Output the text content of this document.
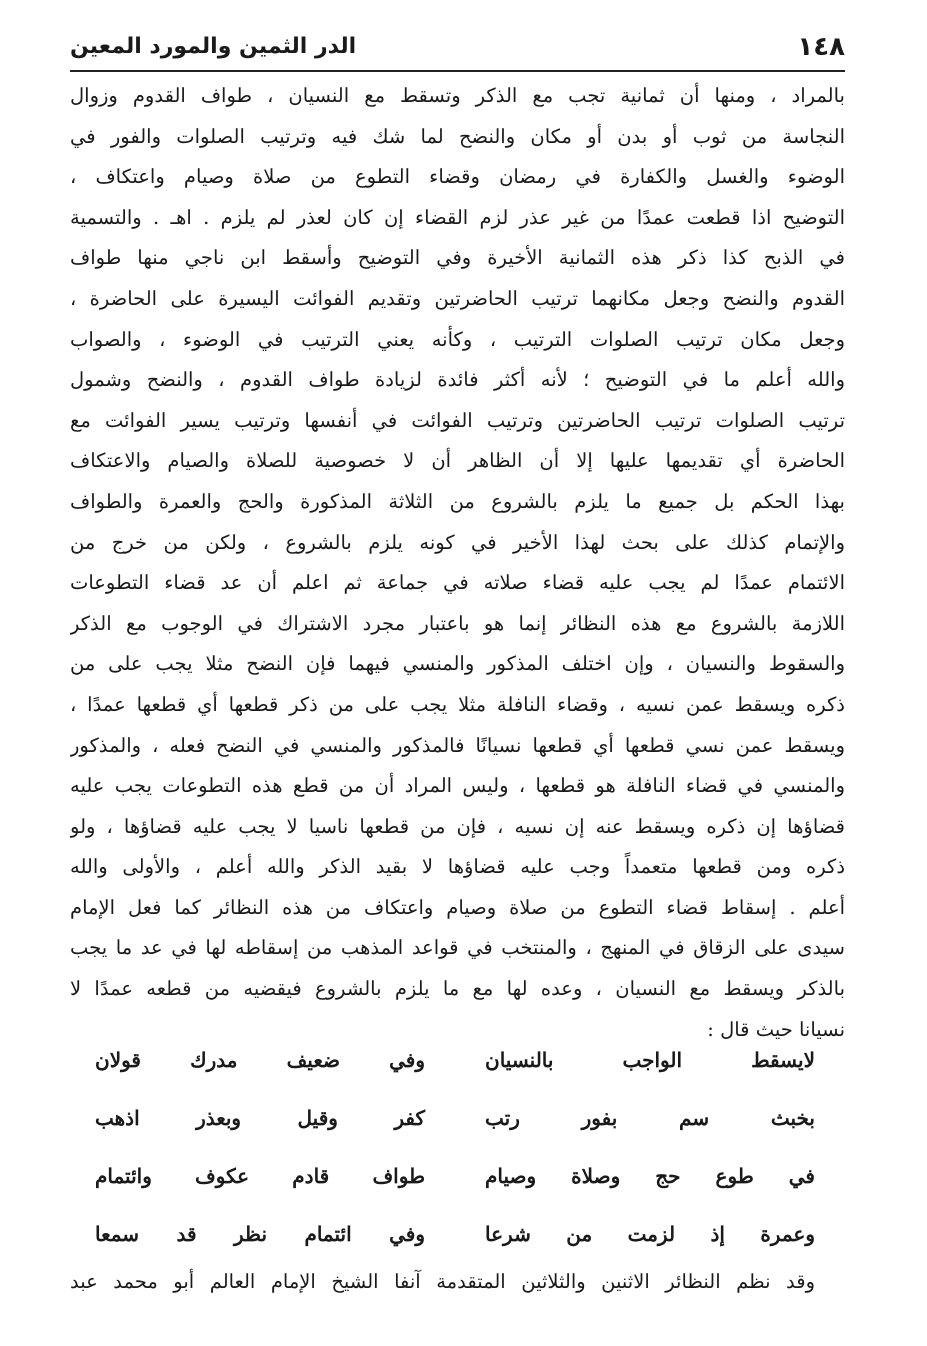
١٤٨
الدر الثمين والمورد المعين
بالمراد ، ومنها أن ثمانية تجب مع الذكر وتسقط مع النسيان ، طواف القدوم وزوال
النجاسة من ثوب أو بدن أو مكان والنضح لما شك فيه وترتيب الصلوات والفور في
الوضوء والغسل والكفارة في رمضان وقضاء التطوع من صلاة وصيام واعتكاف ،
التوضيح اذا قطعت عمدًا من غير عذر لزم القضاء إن كان لعذر لم يلزم . اهـ . والتسمية
في الذبح كذا ذكر هذه الثمانية الأخيرة وفي التوضيح وأسقط ابن ناجي منها طواف
القدوم والنضح وجعل مكانهما ترتيب الحاضرتين وتقديم الفوائت اليسيرة على الحاضرة ،
وجعل مكان ترتيب الصلوات الترتيب ، وكأنه يعني الترتيب في الوضوء ، والصواب
والله أعلم ما في التوضيح ؛ لأنه أكثر فائدة لزيادة طواف القدوم ، والنضح وشمول
ترتيب الصلوات ترتيب الحاضرتين وترتيب الفوائت في أنفسها وترتيب يسير الفوائت مع
الحاضرة أي تقديمها عليها إلا أن الظاهر أن لا خصوصية للصلاة والصيام والاعتكاف
بهذا الحكم بل جميع ما يلزم بالشروع من الثلاثة المذكورة والحج والعمرة والطواف
والإتمام كذلك على بحث لهذا الأخير في كونه يلزم بالشروع ، ولكن من خرج من
الائتمام عمدًا لم يجب عليه قضاء صلاته في جماعة ثم اعلم أن عد قضاء التطوعات
اللازمة بالشروع مع هذه النظائر إنما هو باعتبار مجرد الاشتراك في الوجوب مع الذكر
والسقوط والنسيان ، وإن اختلف المذكور والمنسي فيهما فإن النضح مثلا يجب على من
ذكره ويسقط عمن نسيه ، وقضاء النافلة مثلا يجب على من ذكر قطعها أي قطعها عمدًا ،
ويسقط عمن نسي قطعها أي قطعها نسيانًا فالمذكور والمنسي في النضح فعله ، والمذكور
والمنسي في قضاء النافلة هو قطعها ، وليس المراد أن من قطع هذه التطوعات يجب عليه
قضاؤها إن ذكره ويسقط عنه إن نسيه ، فإن من قطعها ناسيا لا يجب عليه قضاؤها ، ولو
ذكره ومن قطعها متعمداً وجب عليه قضاؤها لا بقيد الذكر والله أعلم ، والأولى والله
أعلم . إسقاط قضاء التطوع من صلاة وصيام واعتكاف من هذه النظائر كما فعل الإمام
سيدى على الزقاق في المنهج ، والمنتخب في قواعد المذهب من إسقاطه لها في عد ما يجب
بالذكر ويسقط مع النسيان ، وعده لها مع ما يلزم بالشروع فيقضيه من قطعه عمدًا لا
نسيانا حيث قال :
لايسقط الواجب بالنسيان
وفي ضعيف مدرك قولان
بخبث سم بفور رتب
كفر وقيل وبعذر اذهب
في طوع حج وصلاة وصيام
طواف قادم عكوف وائتمام
وعمرة إذ لزمت من شرعا
وفي ائتمام نظر قد سمعا
وقد نظم النظائر الاثنين والثلاثين المتقدمة آنفا الشيخ الإمام العالم أبو محمد عبد
